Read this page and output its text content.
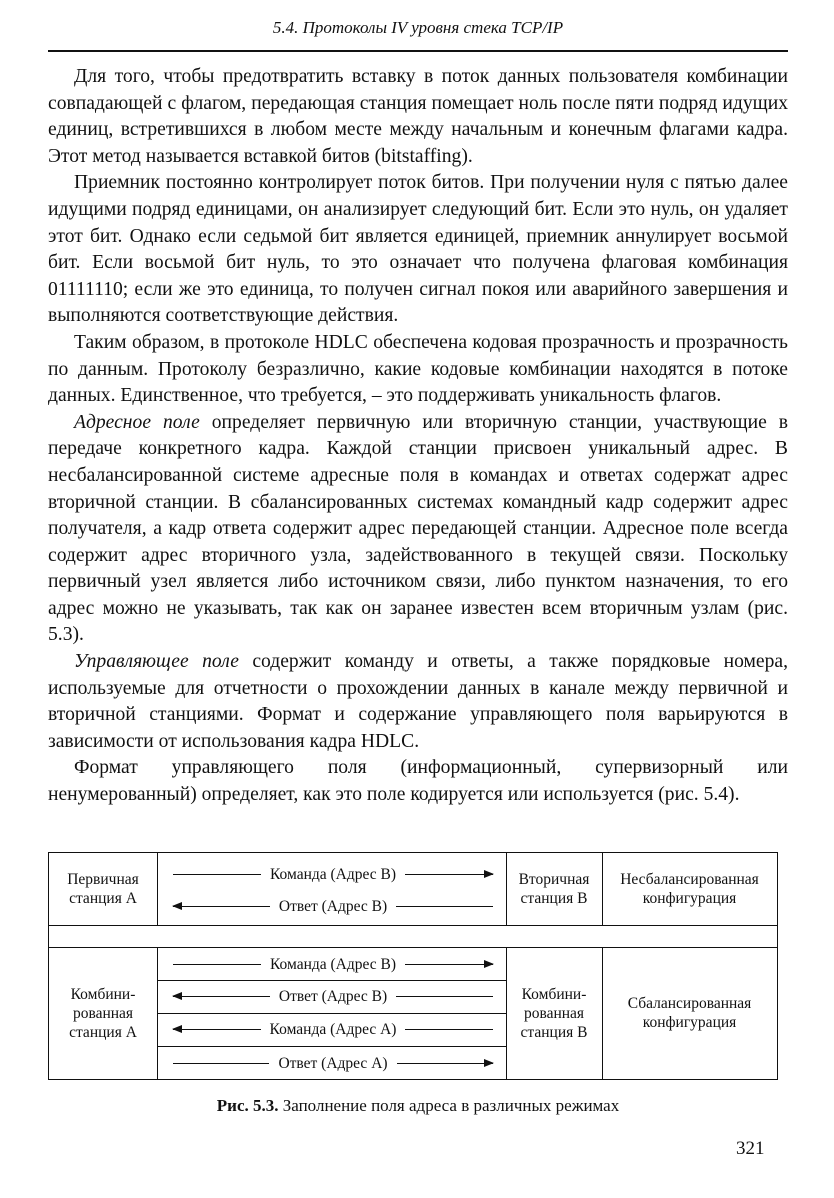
5.4. Протоколы IV уровня стека TCP/IP

Для того, чтобы предотвратить вставку в поток данных пользователя комбинации совпадающей с флагом, передающая станция помещает ноль после пяти подряд идущих единиц, встретившихся в любом месте между начальным и конечным флагами кадра. Этот метод называется вставкой битов (bitstaffing).

Приемник постоянно контролирует поток битов. При получении нуля с пятью далее идущими подряд единицами, он анализирует следующий бит. Если это нуль, он удаляет этот бит. Однако если седьмой бит является единицей, приемник аннулирует восьмой бит. Если восьмой бит нуль, то это означает что получена флаговая комбинация 01111110; если же это единица, то получен сигнал покоя или аварийного завершения и выполняются соответствующие действия.

Таким образом, в протоколе HDLC обеспечена кодовая прозрачность и прозрачность по данным. Протоколу безразлично, какие кодовые комбинации находятся в потоке данных. Единственное, что требуется, – это поддерживать уникальность флагов.

Адресное поле определяет первичную или вторичную станции, участвующие в передаче конкретного кадра. Каждой станции присвоен уникальный адрес. В несбалансированной системе адресные поля в командах и ответах содержат адрес вторичной станции. В сбалансированных системах командный кадр содержит адрес получателя, а кадр ответа содержит адрес передающей станции. Адресное поле всегда содержит адрес вторичного узла, задействованного в текущей связи. Поскольку первичный узел является либо источником связи, либо пунктом назначения, то его адрес можно не указывать, так как он заранее известен всем вторичным узлам (рис. 5.3).

Управляющее поле содержит команду и ответы, а также порядковые номера, используемые для отчетности о прохождении данных в канале между первичной и вторичной станциями. Формат и содержание управляющего поля варьируются в зависимости от использования кадра HDLC.

Формат управляющего поля (информационный, супервизорный или ненумерованный) определяет, как это поле кодируется или используется (рис. 5.4).

Первичная станция А
Команда (Адрес В)
Ответ (Адрес В)
Вторичная станция В
Несбалансированная конфигурация
Комбини-рованная станция А
Команда (Адрес В)
Ответ (Адрес В)
Команда (Адрес А)
Ответ (Адрес А)
Комбини-рованная станция В
Сбалансированная конфигурация
Рис. 5.3. Заполнение поля адреса в различных режимах
321
